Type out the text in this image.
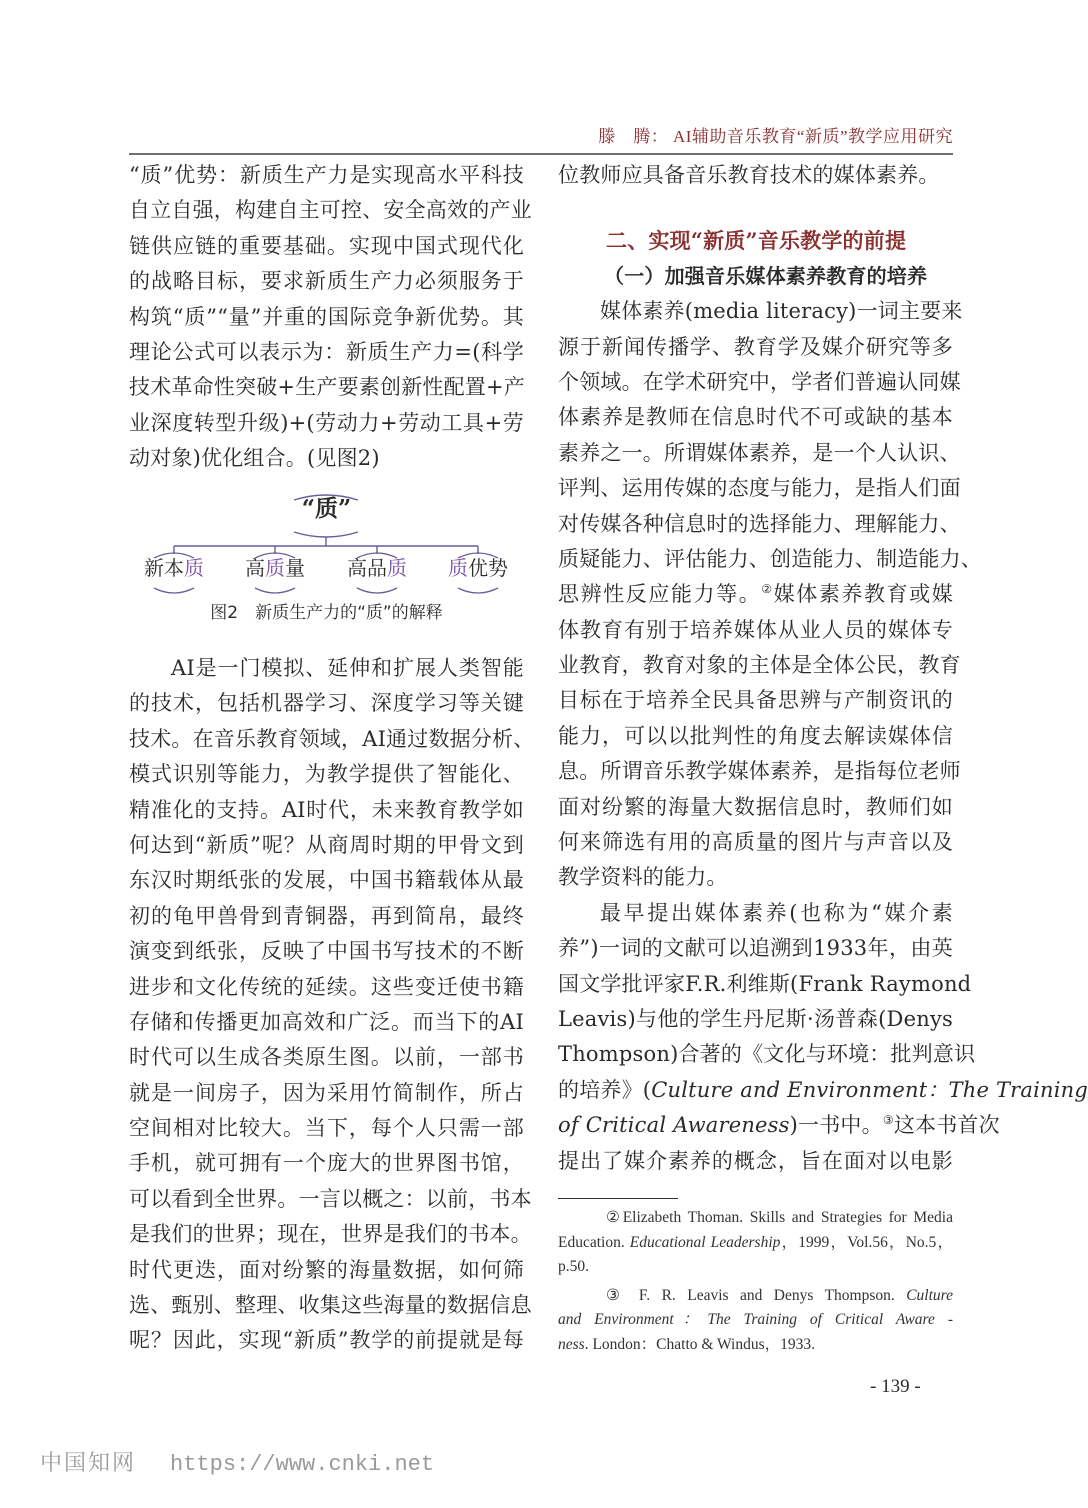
滕　腾： AI辅助音乐教育“新质”教学应用研究
“质”优势：新质生产力是实现高水平科技
自立自强，构建自主可控、安全高效的产业
链供应链的重要基础。实现中国式现代化
的战略目标，要求新质生产力必须服务于
构筑“质”“量”并重的国际竞争新优势。其
理论公式可以表示为：新质生产力=(科学
技术革命性突破+生产要素创新性配置+产
业深度转型升级)+(劳动力+劳动工具+劳
动对象)优化组合。(见图2)
“质”
新本质	高质量	高品质	质优势
图2　新质生产力的“质”的解释
AI是一门模拟、延伸和扩展人类智能
的技术，包括机器学习、深度学习等关键
技术。在音乐教育领域，AI通过数据分析、
模式识别等能力，为教学提供了智能化、
精准化的支持。AI时代，未来教育教学如
何达到“新质”呢？从商周时期的甲骨文到
东汉时期纸张的发展，中国书籍载体从最
初的龟甲兽骨到青铜器，再到简帛，最终
演变到纸张，反映了中国书写技术的不断
进步和文化传统的延续。这些变迁使书籍
存储和传播更加高效和广泛。而当下的AI
时代可以生成各类原生图。以前，一部书
就是一间房子，因为采用竹简制作，所占
空间相对比较大。当下，每个人只需一部
手机，就可拥有一个庞大的世界图书馆，
可以看到全世界。一言以概之：以前，书本
是我们的世界；现在，世界是我们的书本。
时代更迭，面对纷繁的海量数据，如何筛
选、甄别、整理、收集这些海量的数据信息
呢？因此，实现“新质”教学的前提就是每
位教师应具备音乐教育技术的媒体素养。
二、实现“新质”音乐教学的前提
（一）加强音乐媒体素养教育的培养
媒体素养(media literacy)一词主要来
源于新闻传播学、教育学及媒介研究等多
个领域。在学术研究中，学者们普遍认同媒
体素养是教师在信息时代不可或缺的基本
素养之一。所谓媒体素养，是一个人认识、
评判、运用传媒的态度与能力，是指人们面
对传媒各种信息时的选择能力、理解能力、
质疑能力、评估能力、创造能力、制造能力、
思辨性反应能力等。②媒体素养教育或媒
体教育有别于培养媒体从业人员的媒体专
业教育，教育对象的主体是全体公民，教育
目标在于培养全民具备思辨与产制资讯的
能力，可以以批判性的角度去解读媒体信
息。所谓音乐教学媒体素养，是指每位老师
面对纷繁的海量大数据信息时，教师们如
何来筛选有用的高质量的图片与声音以及
教学资料的能力。
最早提出媒体素养(也称为“媒介素
养”)一词的文献可以追溯到1933年，由英
国文学批评家F.R.利维斯(Frank Raymond
Leavis)与他的学生丹尼斯·汤普森(Denys
Thompson)合著的《文化与环境：批判意识
的培养》(Culture and Environment：The Training
of Critical Awareness)一书中。③这本书首次
提出了媒介素养的概念，旨在面对以电影
②Elizabeth Thoman. Skills and Strategies for Media
Education. Educational Leadership，1999，Vol.56，No.5，
p.50.
③ F. R. Leavis and Denys Thompson. Culture
and Environment：The Training of Critical Aware -
ness. London：Chatto & Windus，1933.
- 139 -
中国知网 https://www.cnki.net
